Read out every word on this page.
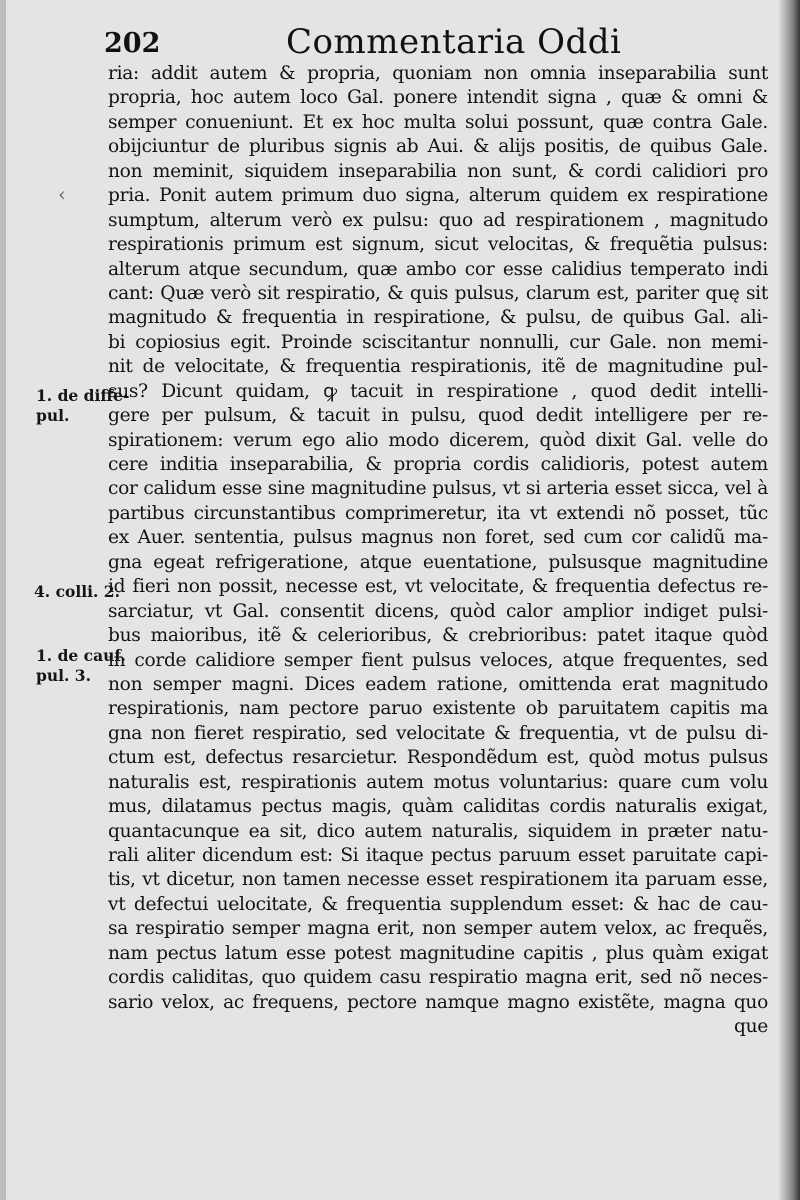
202	Commentaria Oddi
ria: addit autem & propria, quoniam non omnia inseparabilia sunt
propria, hoc autem loco Gal. ponere intendit signa , quæ & omni &
semper conueniunt. Et ex hoc multa solui possunt, quæ contra Gale.
obijciuntur de pluribus signis ab Aui. & alijs positis, de quibus Gale.
non meminit, siquidem inseparabilia non sunt, & cordi calidiori pro
pria. Ponit autem primum duo signa, alterum quidem ex respiratione
sumptum, alterum verò ex pulsu: quo ad respirationem , magnitudo
respirationis primum est signum, sicut velocitas, & frequẽtia pulsus:
alterum atque secundum, quæ ambo cor esse calidius temperato indi
cant: Quæ verò sit respiratio, & quis pulsus, clarum est, pariter quę sit
magnitudo & frequentia in respiratione, & pulsu, de quibus Gal. ali-
bi copiosius egit. Proinde sciscitantur nonnulli, cur Gale. non memi-
nit de velocitate, & frequentia respirationis, itẽ de magnitudine pul-
sus? Dicunt quidam, ꝙ tacuit in respiratione , quod dedit intelli-
gere per pulsum, & tacuit in pulsu, quod dedit intelligere per re-
spirationem: verum ego alio modo dicerem, quòd dixit Gal. velle do
cere inditia inseparabilia, & propria cordis calidioris, potest autem
cor calidum esse sine magnitudine pulsus, vt si arteria esset sicca, vel à
partibus circunstantibus comprimeretur, ita vt extendi nõ posset, tũc
ex Auer. sententia, pulsus magnus non foret, sed cum cor calidũ ma-
gna egeat refrigeratione, atque euentatione, pulsusque magnitudine
id fieri non possit, necesse est, vt velocitate, & frequentia defectus re-
sarciatur, vt Gal. consentit dicens, quòd calor amplior indiget pulsi-
bus maioribus, itẽ & celerioribus, & crebrioribus: patet itaque quòd
in corde calidiore semper fient pulsus veloces, atque frequentes, sed
non semper magni. Dices eadem ratione, omittenda erat magnitudo
respirationis, nam pectore paruo existente ob paruitatem capitis ma
gna non fieret respiratio, sed velocitate & frequentia, vt de pulsu di-
ctum est, defectus resarcietur. Respondẽdum est, quòd motus pulsus
naturalis est, respirationis autem motus voluntarius: quare cum volu
mus, dilatamus pectus magis, quàm caliditas cordis naturalis exigat,
quantacunque ea sit, dico autem naturalis, siquidem in præter natu-
rali aliter dicendum est: Si itaque pectus paruum esset paruitate capi-
tis, vt dicetur, non tamen necesse esset respirationem ita paruam esse,
vt defectui uelocitate, & frequentia supplendum esset: & hac de cau-
sa respiratio semper magna erit, non semper autem velox, ac frequẽs,
nam pectus latum esse potest magnitudine capitis , plus quàm exigat
cordis caliditas, quo quidem casu respiratio magna erit, sed nõ neces-
sario velox, ac frequens, pectore namque magno existẽte, magna quo
que
1. de diffe-
pul.
4. colli. 2.
1. de cauf.
pul. 3.
‹
